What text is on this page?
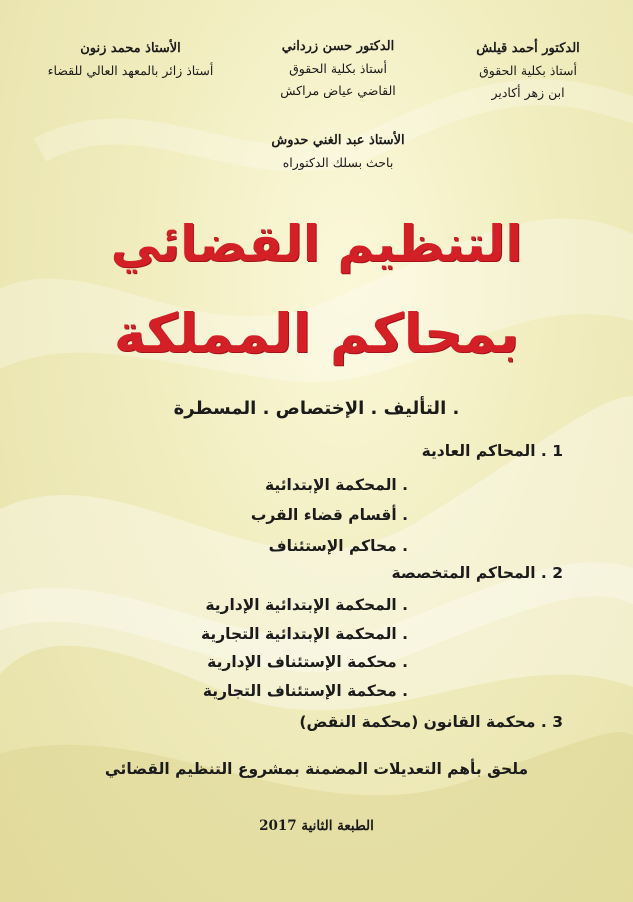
الدكتور أحمد قيلش
أستاذ بكلية الحقوق
ابن زهر أكادير
الدكتور حسن زرداني
أستاذ بكلية الحقوق
القاضي عياض مراكش
الأستاذ محمد زنون
أستاذ زائر بالمعهد العالي للقضاء
الأستاذ عبد الغني حدوش
باحث بسلك الدكتوراه
التنظيم القضائي
بمحاكم المملكة
. التأليف . الإختصاص . المسطرة
1 . المحاكم العادية
. المحكمة الإبتدائية
. أقسام قضاء القرب
. محاكم الإستئناف
2 . المحاكم المتخصصة
. المحكمة الإبتدائية الإدارية
. المحكمة الإبتدائية التجارية
. محكمة الإستئناف الإدارية
. محكمة الإستئناف التجارية
3 . محكمة القانون (محكمة النقض)
ملحق بأهم التعديلات المضمنة بمشروع التنظيم القضائي
الطبعة الثانية 2017
